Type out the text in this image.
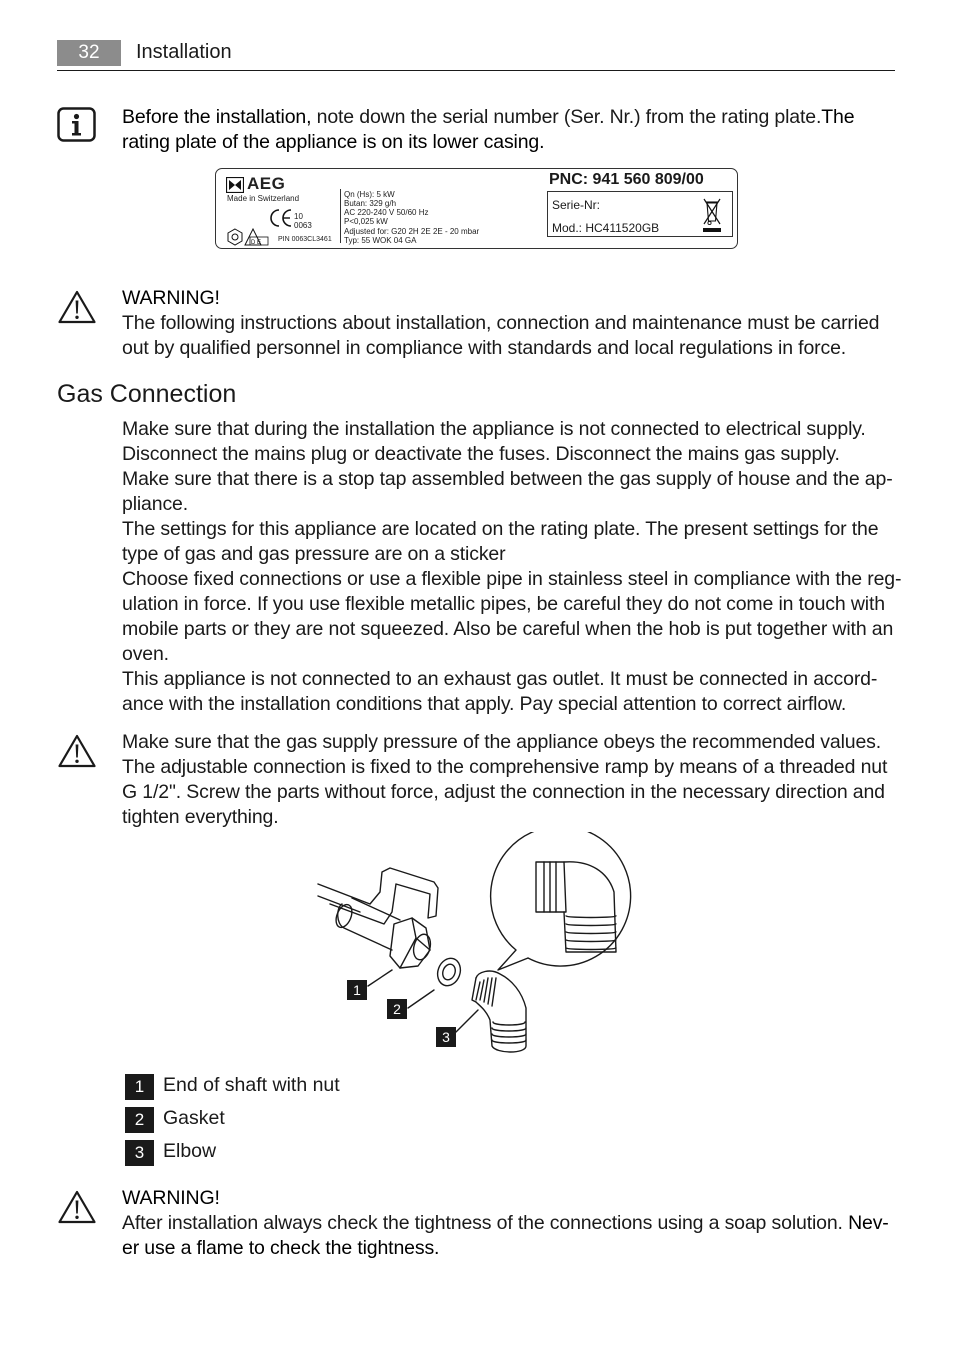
32	Installation
Before the installation, note down the serial number (Ser. Nr.) from the rating plate.The rating plate of the appliance is on its lower casing.
AEG
Made in Switzerland
10
0063
D E PIN 0063CL3461
Qn (Hs): 5 kW
Butan: 329 g/h
AC 220-240 V 50/60 Hz
P<0,025 kW
Adjusted for: G20 2H 2E 2E - 20 mbar
Typ: 55 WOK 04 GA
PNC: 941 560 809/00
Serie-Nr:
Mod.: HC411520GB
WARNING!
The following instructions about installation, connection and maintenance must be carried
out by qualified personnel in compliance with standards and local regulations in force.
Gas Connection
Make sure that during the installation the appliance is not connected to electrical supply.
Disconnect the mains plug or deactivate the fuses. Disconnect the mains gas supply.
Make sure that there is a stop tap assembled between the gas supply of house and the ap-
pliance.
The settings for this appliance are located on the rating plate. The present settings for the
type of gas and gas pressure are on a sticker
Choose fixed connections or use a flexible pipe in stainless steel in compliance with the reg-
ulation in force. If you use flexible metallic pipes, be careful they do not come in touch with
mobile parts or they are not squeezed. Also be careful when the hob is put together with an
oven.
This appliance is not connected to an exhaust gas outlet. It must be connected in accord-
ance with the installation conditions that apply. Pay special attention to correct airflow.
Make sure that the gas supply pressure of the appliance obeys the recommended values.
The adjustable connection is fixed to the comprehensive ramp by means of a threaded nut
G 1/2". Screw the parts without force, adjust the connection in the necessary direction and
tighten everything.
1
2
3
1 End of shaft with nut
2 Gasket
3 Elbow
WARNING!
After installation always check the tightness of the connections using a soap solution. Nev-
er use a flame to check the tightness.
